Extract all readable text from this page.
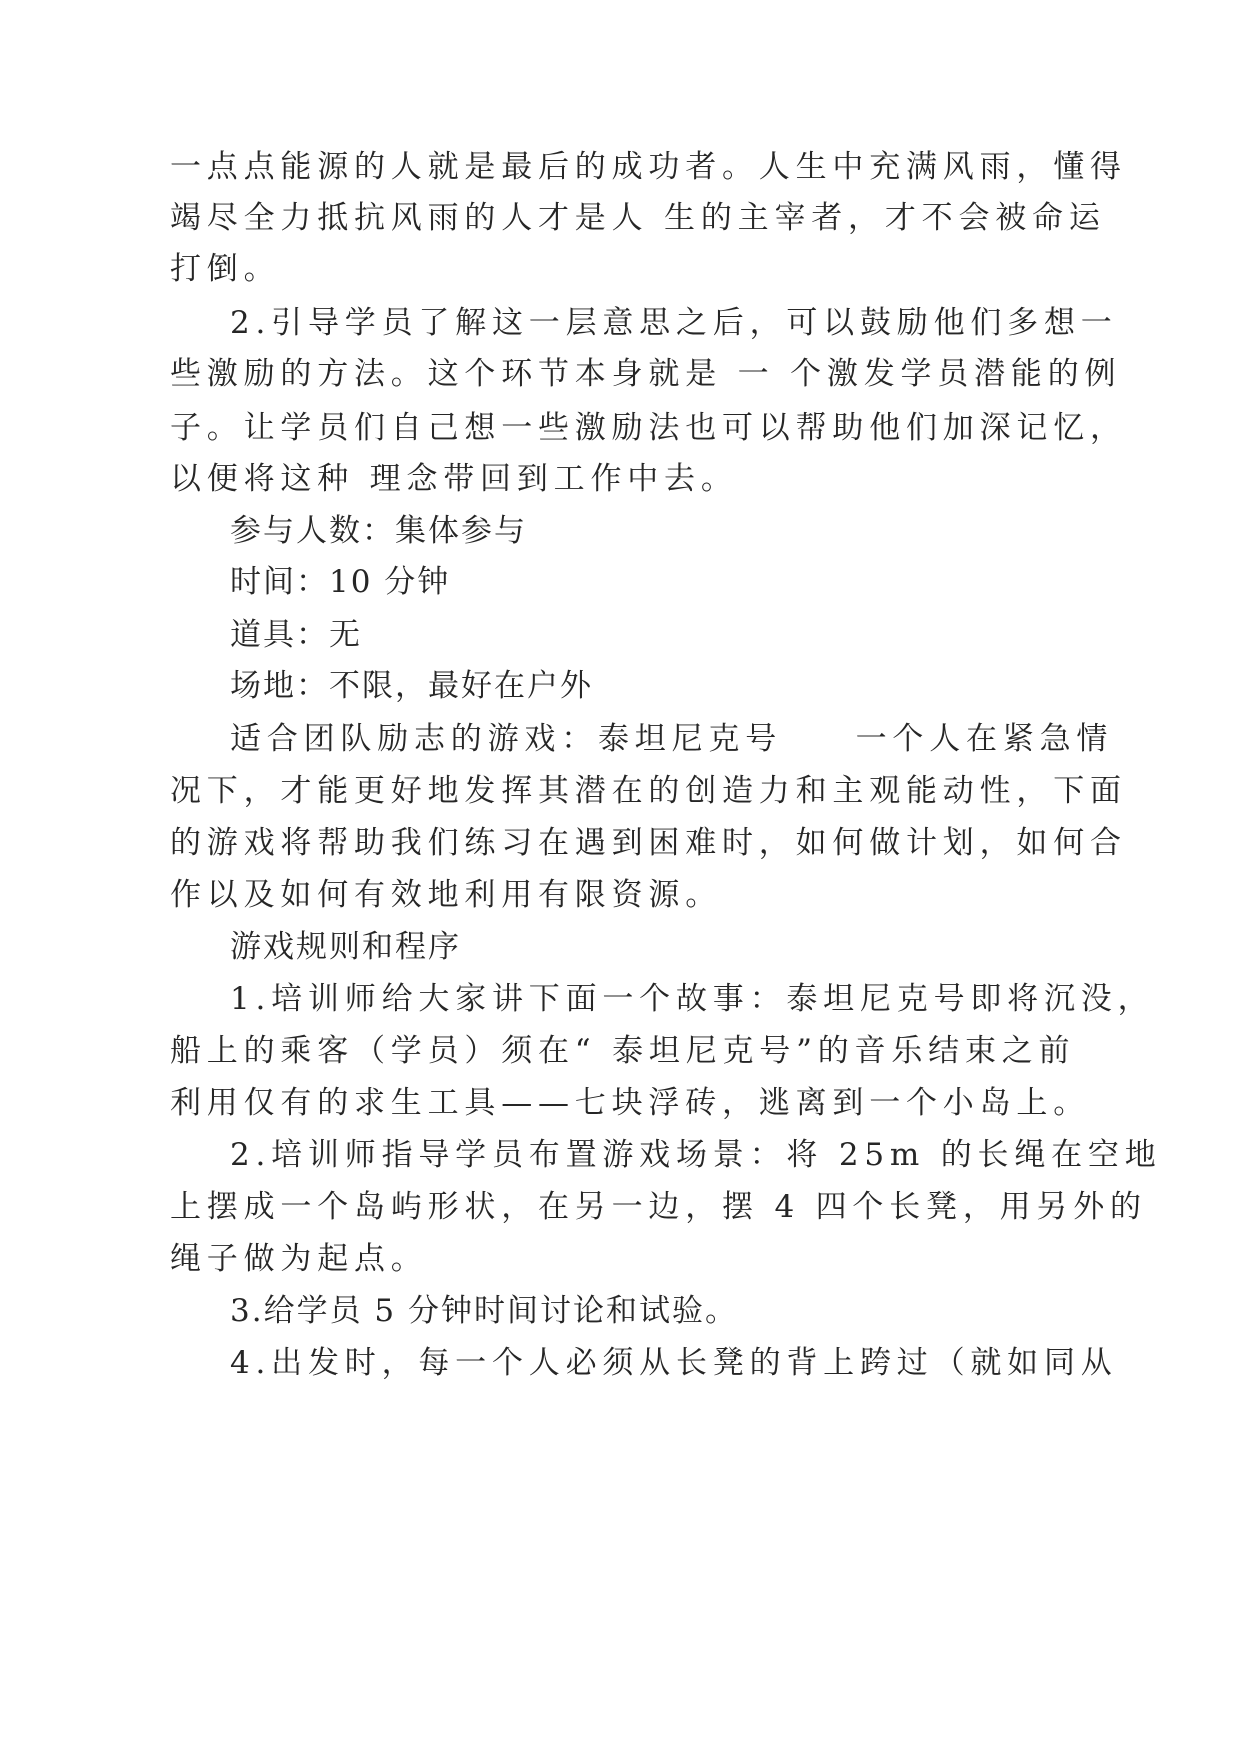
一点点能源的人就是最后的成功者。人生中充满风雨，懂得
竭尽全力抵抗风雨的人才是人 生的主宰者，才不会被命运
打倒。
2.引导学员了解这一层意思之后，可以鼓励他们多想一
些激励的方法。这个环节本身就是 一 个激发学员潜能的例
子。让学员们自己想一些激励法也可以帮助他们加深记忆，
以便将这种 理念带回到工作中去。
参与人数：集体参与
时间：10 分钟
道具：无
场地：不限，最好在户外
适合团队励志的游戏：泰坦尼克号　　一个人在紧急情
况下，才能更好地发挥其潜在的创造力和主观能动性，下面
的游戏将帮助我们练习在遇到困难时，如何做计划，如何合
作以及如何有效地利用有限资源。
游戏规则和程序
1.培训师给大家讲下面一个故事：泰坦尼克号即将沉没，
船上的乘客（学员）须在“ 泰坦尼克号”的音乐结束之前
利用仅有的求生工具——七块浮砖，逃离到一个小岛上。
2.培训师指导学员布置游戏场景：将 25m 的长绳在空地
上摆成一个岛屿形状，在另一边，摆 4 四个长凳，用另外的
绳子做为起点。
3.给学员 5 分钟时间讨论和试验。
4.出发时，每一个人必须从长凳的背上跨过（就如同从
